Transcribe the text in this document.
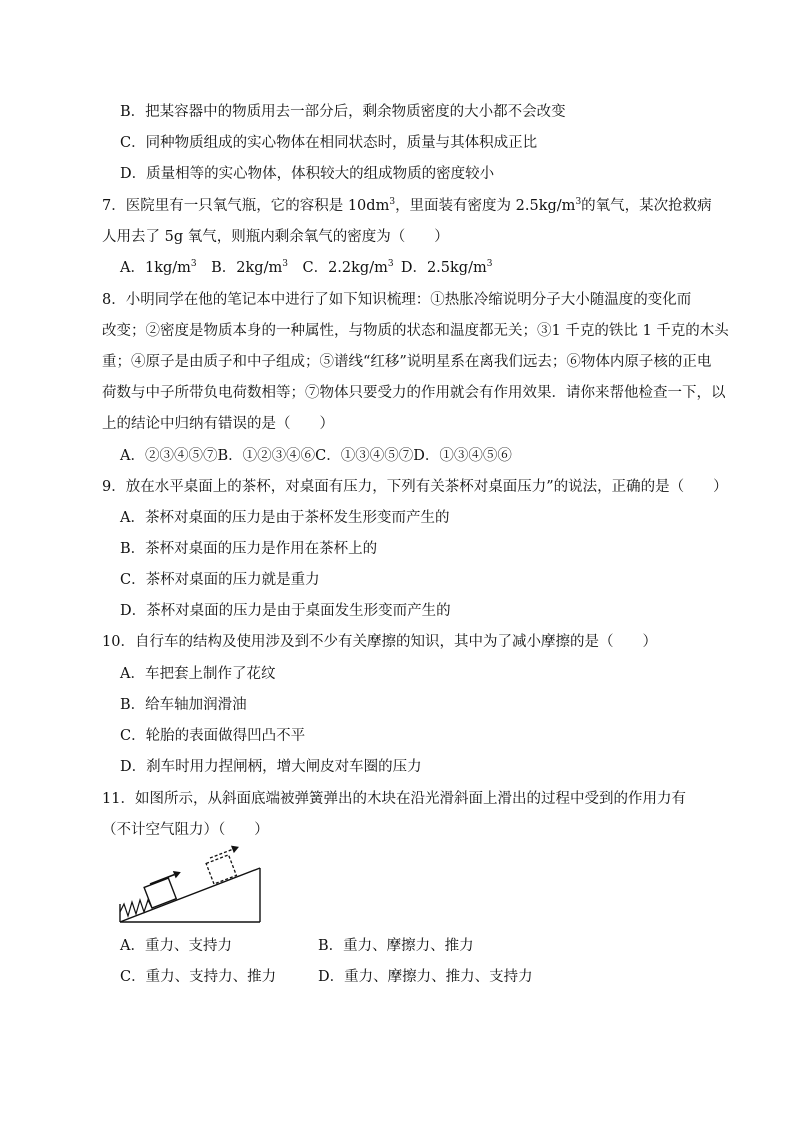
B．把某容器中的物质用去一部分后，剩余物质密度的大小都不会改变
C．同种物质组成的实心物体在相同状态时，质量与其体积成正比
D．质量相等的实心物体，体积较大的组成物质的密度较小
7．医院里有一只氧气瓶，它的容积是 $10dm^3$，里面装有密度为 $2.5kg/m^3$的氧气，某次抢救病
人用去了 5g 氧气，则瓶内剩余氧气的密度为（　　）
A．$1kg/m^3$  B．$2kg/m^3$  C．$2.2kg/m^3$  D．$2.5kg/m^3$
8．小明同学在他的笔记本中进行了如下知识梳理：①热胀冷缩说明分子大小随温度的变化而
改变；②密度是物质本身的一种属性，与物质的状态和温度都无关；③1 千克的铁比 1 千克的木头
重；④原子是由质子和中子组成；⑤谱线“红移”说明星系在离我们远去；⑥物体内原子核的正电
荷数与中子所带负电荷数相等；⑦物体只要受力的作用就会有作用效果．请你来帮他检查一下，以
上的结论中归纳有错误的是（　　）
A．②③④⑤⑦B．①②③④⑥C．①③④⑤⑦D．①③④⑤⑥
9．放在水平桌面上的茶杯，对桌面有压力，下列有关茶杯对桌面压力”的说法，正确的是（　　）
A．茶杯对桌面的压力是由于茶杯发生形变而产生的
B．茶杯对桌面的压力是作用在茶杯上的
C．茶杯对桌面的压力就是重力
D．茶杯对桌面的压力是由于桌面发生形变而产生的
10．自行车的结构及使用涉及到不少有关摩擦的知识，其中为了减小摩擦的是（　　）
A．车把套上制作了花纹
B．给车轴加润滑油
C．轮胎的表面做得凹凸不平
D．刹车时用力捏闸柄，增大闸皮对车圈的压力
11．如图所示，从斜面底端被弹簧弹出的木块在沿光滑斜面上滑出的过程中受到的作用力有
（不计空气阻力）（　　）
A．重力、支持力	B．重力、摩擦力、推力
C．重力、支持力、推力	D．重力、摩擦力、推力、支持力
